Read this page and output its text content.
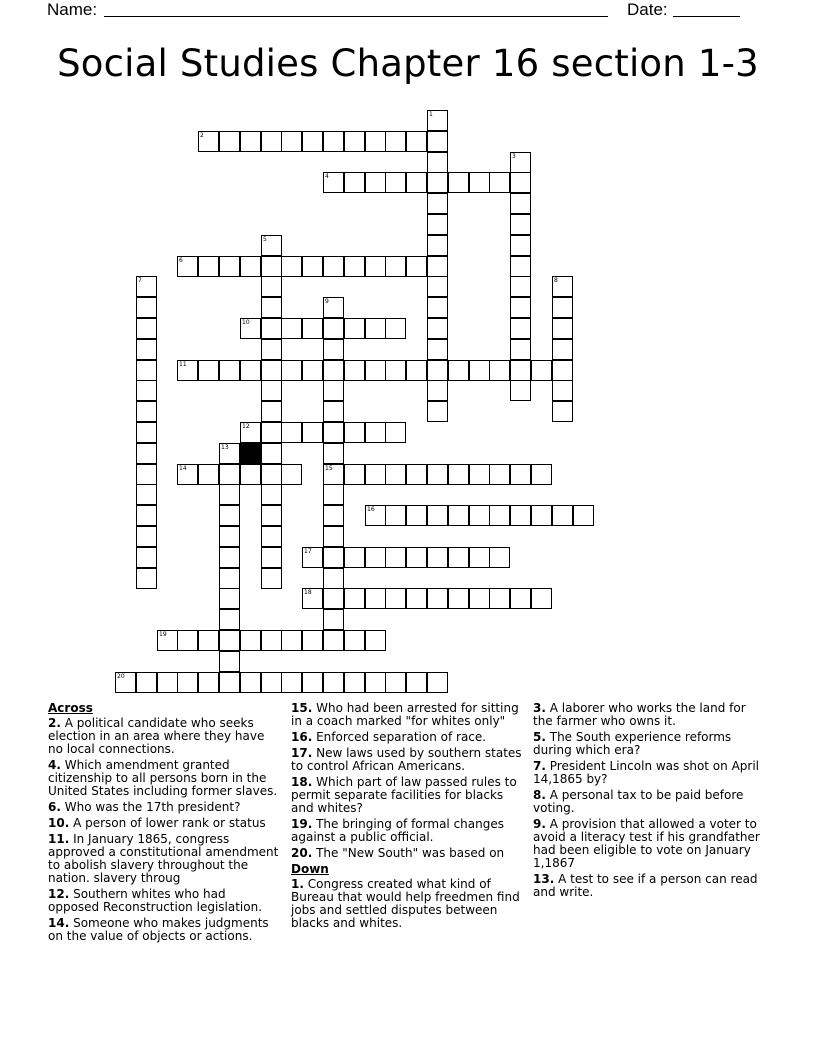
Name:	Date:
Social Studies Chapter 16 section 1-3
1
2
3
4
5
6
7	8
9
15
10
11
12
13
14
16
17
18
19
20
Across
2. A political candidate who seeks election in an area where they have no local connections.
4. Which amendment granted citizenship to all persons born in the United States including former slaves.
6. Who was the 17th president?
10. A person of lower rank or status
11. In January 1865, congress approved a constitutional amendment to abolish slavery throughout the nation. slavery throug
12. Southern whites who had opposed Reconstruction legislation.
14. Someone who makes judgments on the value of objects or actions.
15. Who had been arrested for sitting in a coach marked "for whites only"
16. Enforced separation of race.
17. New laws used by southern states to control African Americans.
18. Which part of law passed rules to permit separate facilities for blacks and whites?
19. The bringing of formal changes against a public official.
20. The "New South" was based on
Down
1. Congress created what kind of Bureau that would help freedmen find jobs and settled disputes between blacks and whites.
3. A laborer who works the land for the farmer who owns it.
5. The South experience reforms during which era?
7. President Lincoln was shot on April 14,1865 by?
8. A personal tax to be paid before voting.
9. A provision that allowed a voter to avoid a literacy test if his grandfather had been eligible to vote on January 1,1867
13. A test to see if a person can read and write.
